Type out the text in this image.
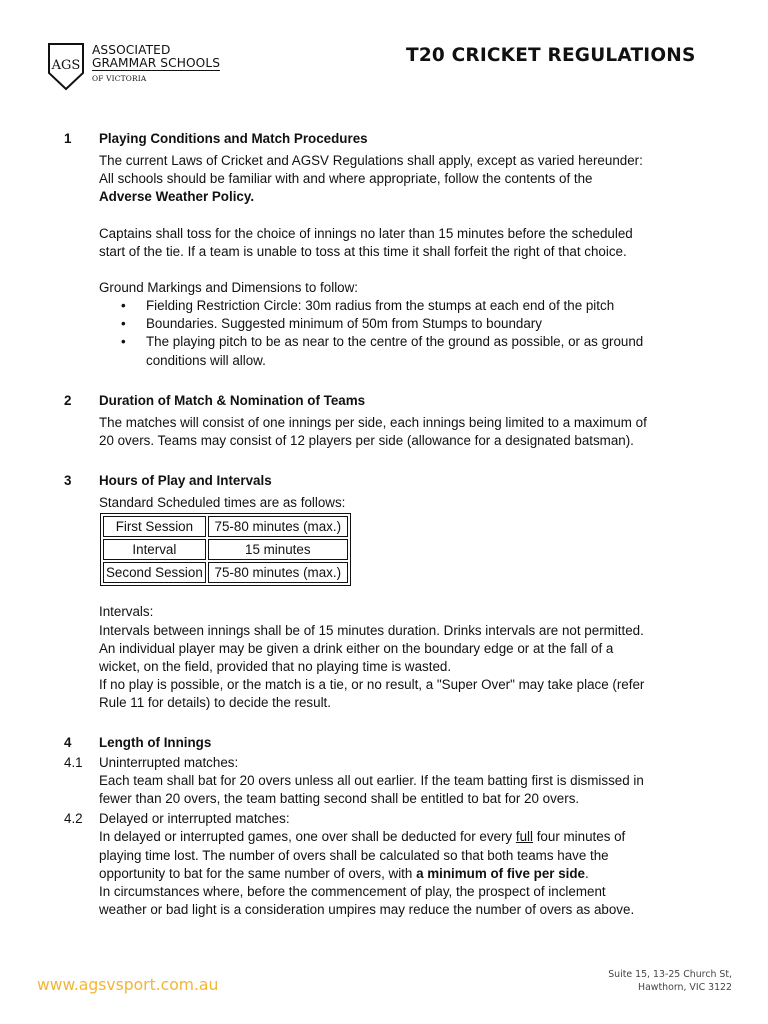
AGS
ASSOCIATED
GRAMMAR SCHOOLS
OF VICTORIA
T20 CRICKET REGULATIONS
1 Playing Conditions and Match Procedures
The current Laws of Cricket and AGSV Regulations shall apply, except as varied hereunder:
All schools should be familiar with and where appropriate, follow the contents of the
Adverse Weather Policy.
Captains shall toss for the choice of innings no later than 15 minutes before the scheduled
start of the tie. If a team is unable to toss at this time it shall forfeit the right of that choice.
Ground Markings and Dimensions to follow:
• Fielding Restriction Circle: 30m radius from the stumps at each end of the pitch
• Boundaries. Suggested minimum of 50m from Stumps to boundary
• The playing pitch to be as near to the centre of the ground as possible, or as ground
conditions will allow.
2 Duration of Match & Nomination of Teams
The matches will consist of one innings per side, each innings being limited to a maximum of
20 overs. Teams may consist of 12 players per side (allowance for a designated batsman).
3 Hours of Play and Intervals
Standard Scheduled times are as follows:
First Session	75-80 minutes (max.)
Interval	15 minutes
Second Session	75-80 minutes (max.)
Intervals:
Intervals between innings shall be of 15 minutes duration. Drinks intervals are not permitted.
An individual player may be given a drink either on the boundary edge or at the fall of a
wicket, on the field, provided that no playing time is wasted.
If no play is possible, or the match is a tie, or no result, a "Super Over" may take place (refer
Rule 11 for details) to decide the result.
4 Length of Innings
4.1 Uninterrupted matches:
Each team shall bat for 20 overs unless all out earlier. If the team batting first is dismissed in
fewer than 20 overs, the team batting second shall be entitled to bat for 20 overs.
4.2 Delayed or interrupted matches:
In delayed or interrupted games, one over shall be deducted for every full four minutes of
playing time lost. The number of overs shall be calculated so that both teams have the
opportunity to bat for the same number of overs, with a minimum of five per side.
In circumstances where, before the commencement of play, the prospect of inclement
weather or bad light is a consideration umpires may reduce the number of overs as above.
www.agsvsport.com.au
Suite 15, 13-25 Church St,
Hawthorn, VIC 3122
